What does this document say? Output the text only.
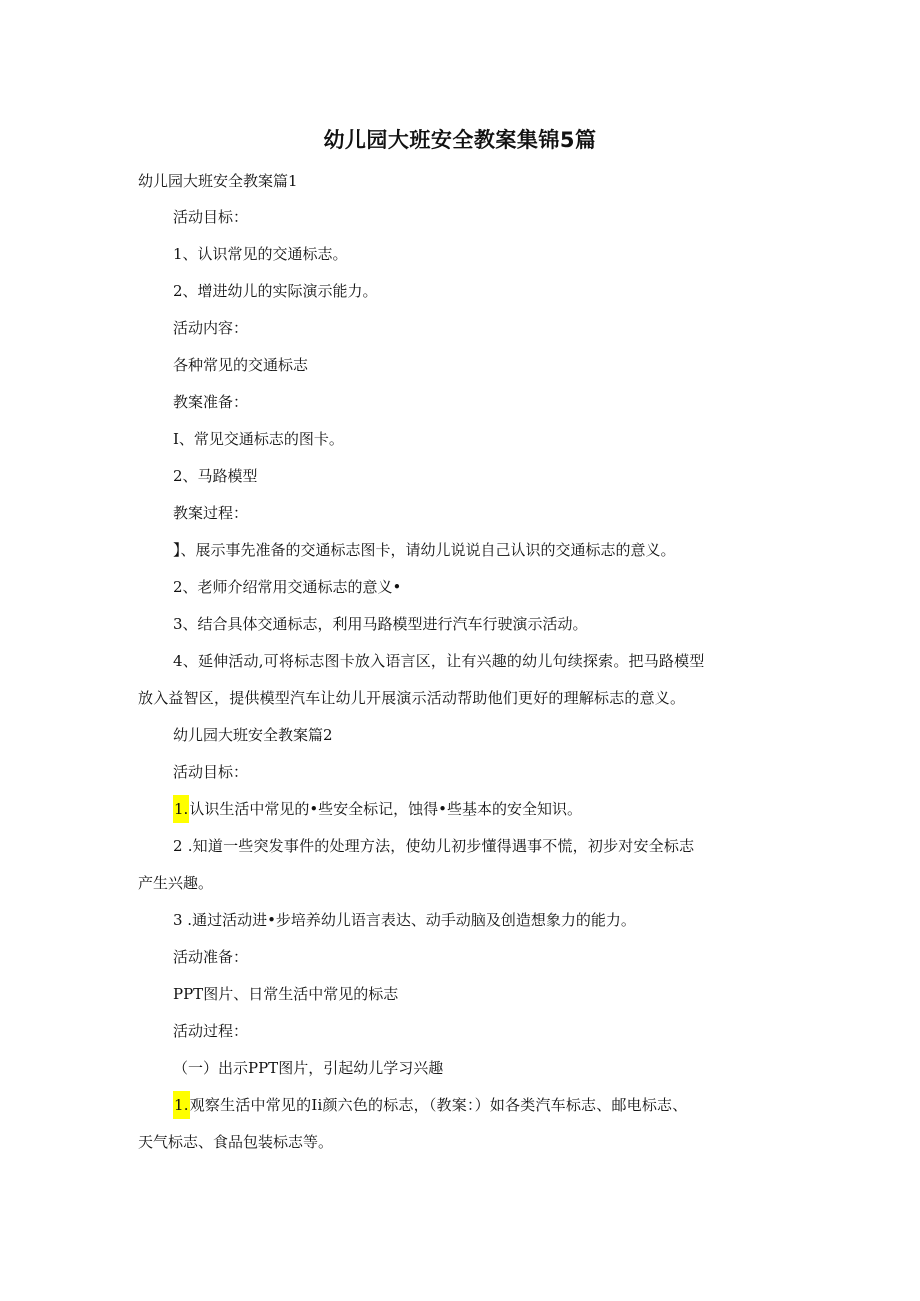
幼儿园大班安全教案集锦5篇

幼儿园大班安全教案篇1

活动目标：

1、认识常见的交通标志。

2、增进幼儿的实际演示能力。

活动内容：

各种常见的交通标志

教案准备：

I、常见交通标志的图卡。

2、马路模型

教案过程：

】、展示事先准备的交通标志图卡，请幼儿说说自己认识的交通标志的意义。

2、老师介绍常用交通标志的意义•

3、结合具体交通标志，利用马路模型进行汽车行驶演示活动。

4、延伸活动,可将标志图卡放入语言区，让有兴趣的幼儿句续探索。把马路模型

放入益智区，提供模型汽车让幼儿开展演示活动帮助他们更好的理解标志的意义。

幼儿园大班安全教案篇2

活动目标：

1.认识生活中常见的•些安全标记，蚀得•些基本的安全知识。

2 .知道一些突发事件的处理方法，使幼儿初步懂得遇事不慌，初步对安全标志

产生兴趣。

3 .通过活动进•步培养幼儿语言表达、动手动脑及创造想象力的能力。

活动准备：

PPT图片、日常生活中常见的标志

活动过程：

（一）出示PPT图片，引起幼儿学习兴趣

1.观察生活中常见的Ii颜六色的标志，（教案：）如各类汽车标志、邮电标志、

天气标志、食品包装标志等。
